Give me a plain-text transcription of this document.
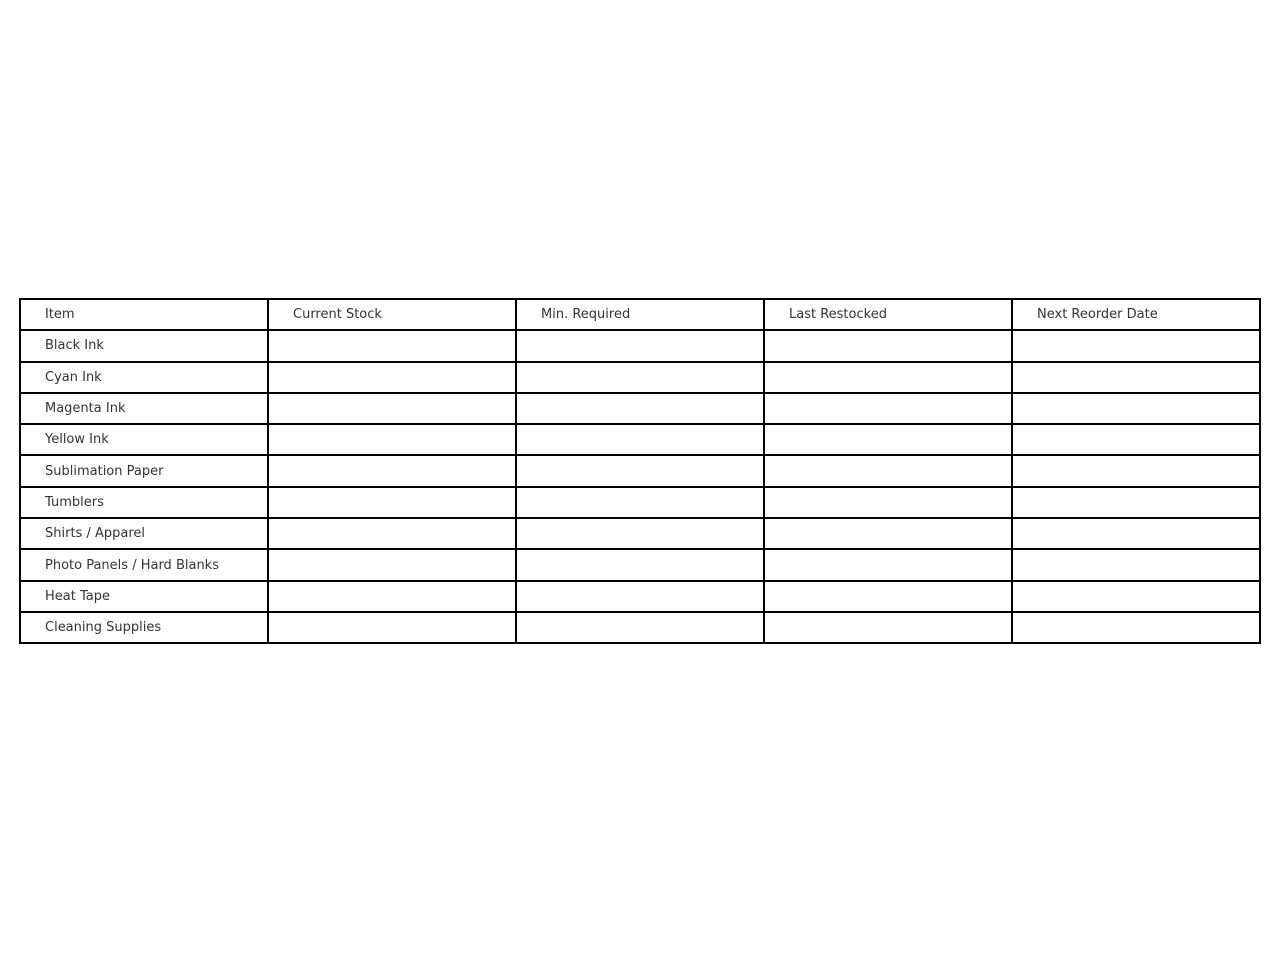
Item	Current Stock	Min. Required	Last Restocked	Next Reorder Date
Black Ink				
Cyan Ink				
Magenta Ink				
Yellow Ink				
Sublimation Paper				
Tumblers				
Shirts / Apparel				
Photo Panels / Hard Blanks				
Heat Tape				
Cleaning Supplies				
